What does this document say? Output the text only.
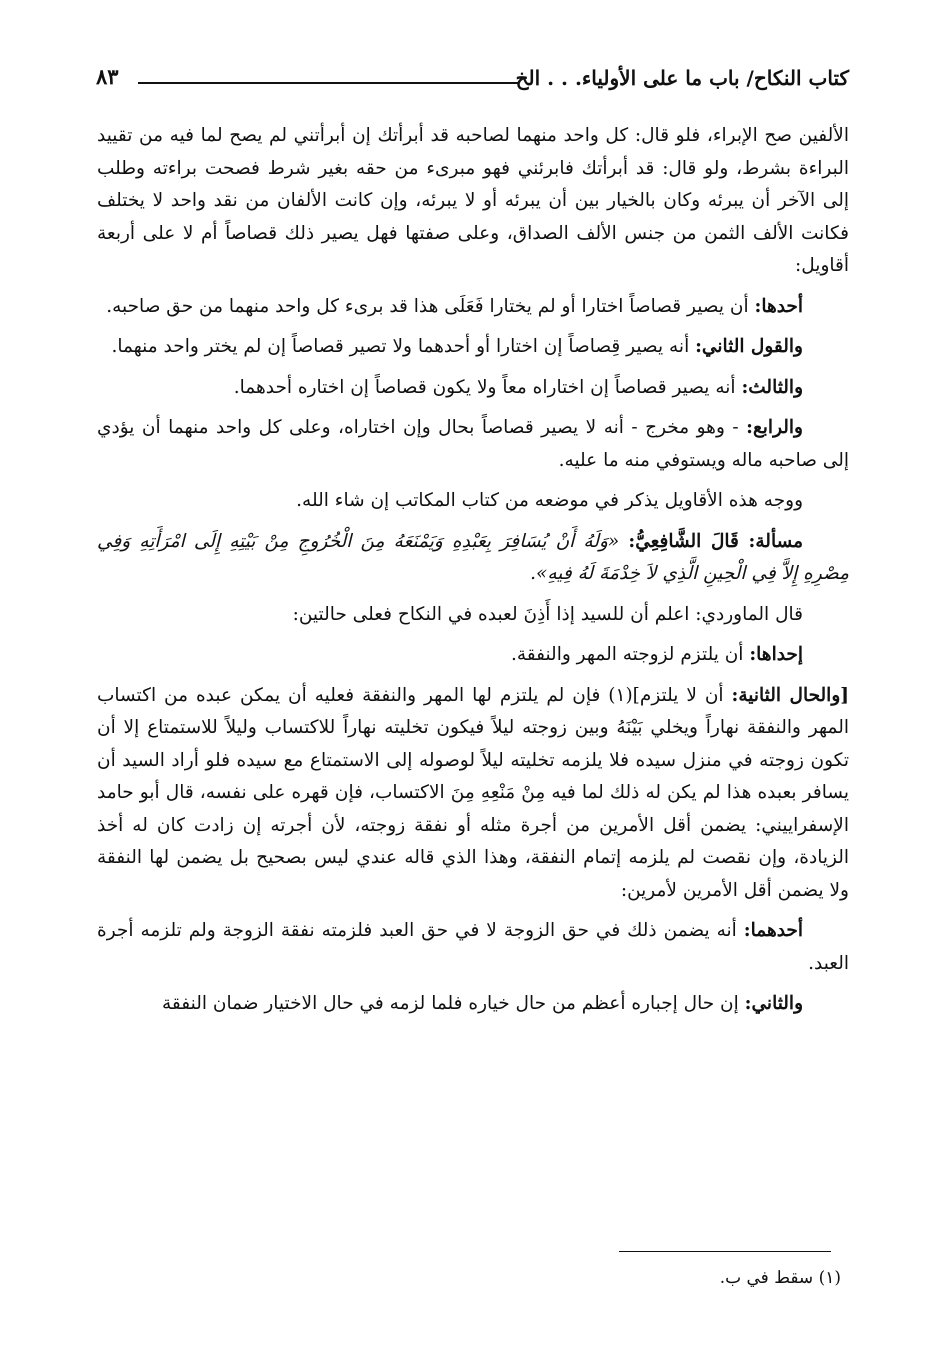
كتاب النكاح/ باب ما على الأولياء. . . الخ
٨٣

الألفين صح الإبراء، فلو قال: كل واحد منهما لصاحبه قد أبرأتك إن أبرأتني لم يصح لما فيه من تقييد البراءة بشرط، ولو قال: قد أبرأتك فابرئني فهو مبرىء من حقه بغير شرط فصحت براءته وطلب إلى الآخر أن يبرئه وكان بالخيار بين أن يبرئه أو لا يبرئه، وإن كانت الألفان من نقد واحد لا يختلف فكانت الألف الثمن من جنس الألف الصداق، وعلى صفتها فهل يصير ذلك قصاصاً أم لا على أربعة أقاويل:

أحدها: أن يصير قصاصاً اختارا أو لم يختارا فَعَلَى هذا قد برىء كل واحد منهما من حق صاحبه.

والقول الثاني: أنه يصير قِصاصاً إن اختارا أو أحدهما ولا تصير قصاصاً إن لم يختر واحد منهما.

والثالث: أنه يصير قصاصاً إن اختاراه معاً ولا يكون قصاصاً إن اختاره أحدهما.

والرابع: - وهو مخرج - أنه لا يصير قصاصاً بحال وإن اختاراه، وعلى كل واحد منهما أن يؤدي إلى صاحبه ماله ويستوفي منه ما عليه.

ووجه هذه الأقاويل يذكر في موضعه من كتاب المكاتب إن شاء الله.

مسألة: قَالَ الشَّافِعِيُّ: «وَلَهُ أَنْ يُسَافِرَ بِعَبْدِهِ وَيَمْنَعَهُ مِنَ الْخُرُوجِ مِنْ بَيْتِهِ إِلَى امْرَأَتِهِ وَفِي مِصْرِهِ إِلاَّ فِي الْحِينِ الَّذِي لاَ خِدْمَةَ لَهُ فِيهِ».

قال الماوردي: اعلم أن للسيد إذا أَذِنَ لعبده في النكاح فعلى حالتين:

إحداها: أن يلتزم لزوجته المهر والنفقة.

[والحال الثانية: أن لا يلتزم](١) فإن لم يلتزم لها المهر والنفقة فعليه أن يمكن عبده من اكتساب المهر والنفقة نهاراً ويخلي بَيْنَهُ وبين زوجته ليلاً فيكون تخليته نهاراً للاكتساب وليلاً للاستمتاع إلا أن تكون زوجته في منزل سيده فلا يلزمه تخليته ليلاً لوصوله إلى الاستمتاع مع سيده فلو أراد السيد أن يسافر بعبده هذا لم يكن له ذلك لما فيه مِنْ مَنْعِهِ مِنَ الاكتساب، فإن قهره على نفسه، قال أبو حامد الإسفراييني: يضمن أقل الأمرين من أجرة مثله أو نفقة زوجته، لأن أجرته إن زادت كان له أخذ الزيادة، وإن نقصت لم يلزمه إتمام النفقة، وهذا الذي قاله عندي ليس بصحيح بل يضمن لها النفقة ولا يضمن أقل الأمرين لأمرين:

أحدهما: أنه يضمن ذلك في حق الزوجة لا في حق العبد فلزمته نفقة الزوجة ولم تلزمه أجرة العبد.

والثاني: إن حال إجباره أعظم من حال خياره فلما لزمه في حال الاختيار ضمان النفقة

(١) سقط في ب.
